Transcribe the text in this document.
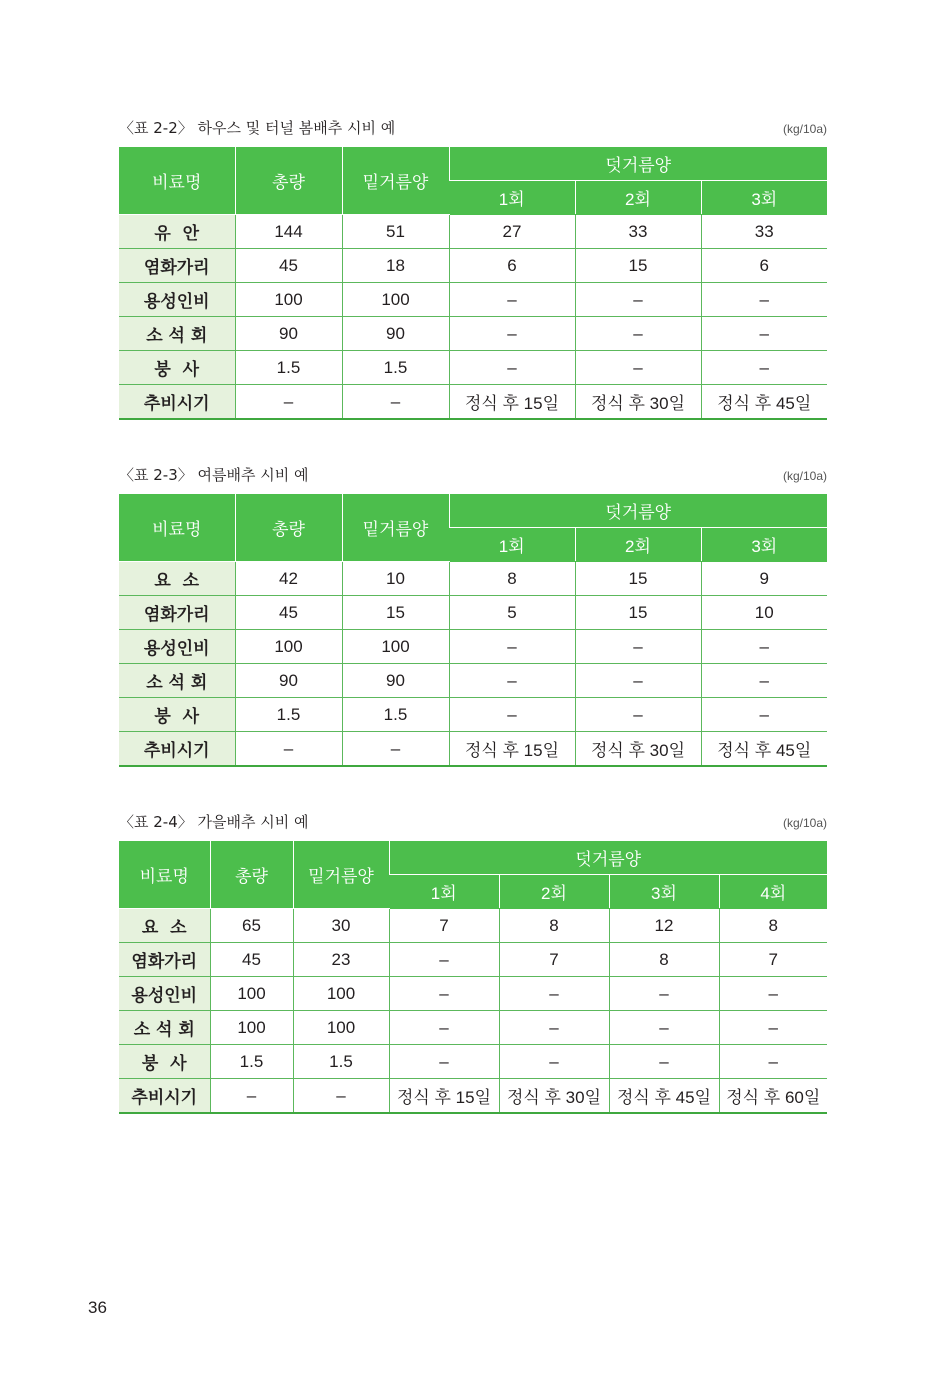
〈표 2-2〉 하우스 및 터널 봄배추 시비 예	(kg/10a)
비료명	총량	밑거름양	덧거름양		
			1회	2회	3회
유  안	144	51	27	33	33
염화가리	45	18	6	15	6
용성인비	100	100	–	–	–
소 석 회	90	90	–	–	–
붕  사	1.5	1.5	–	–	–
추비시기	–	–	정식 후 15일	정식 후 30일	정식 후 45일
〈표 2-3〉 여름배추 시비 예	(kg/10a)
비료명	총량	밑거름양	덧거름양		
			1회	2회	3회
요  소	42	10	8	15	9
염화가리	45	15	5	15	10
용성인비	100	100	–	–	–
소 석 회	90	90	–	–	–
붕  사	1.5	1.5	–	–	–
추비시기	–	–	정식 후 15일	정식 후 30일	정식 후 45일
〈표 2-4〉 가을배추 시비 예	(kg/10a)
비료명	총량	밑거름양	덧거름양			
			1회	2회	3회	4회
요  소	65	30	7	8	12	8
염화가리	45	23	–	7	8	7
용성인비	100	100	–	–	–	–
소 석 회	100	100	–	–	–	–
붕  사	1.5	1.5	–	–	–	–
추비시기	–	–	정식 후 15일	정식 후 30일	정식 후 45일	정식 후 60일
36
